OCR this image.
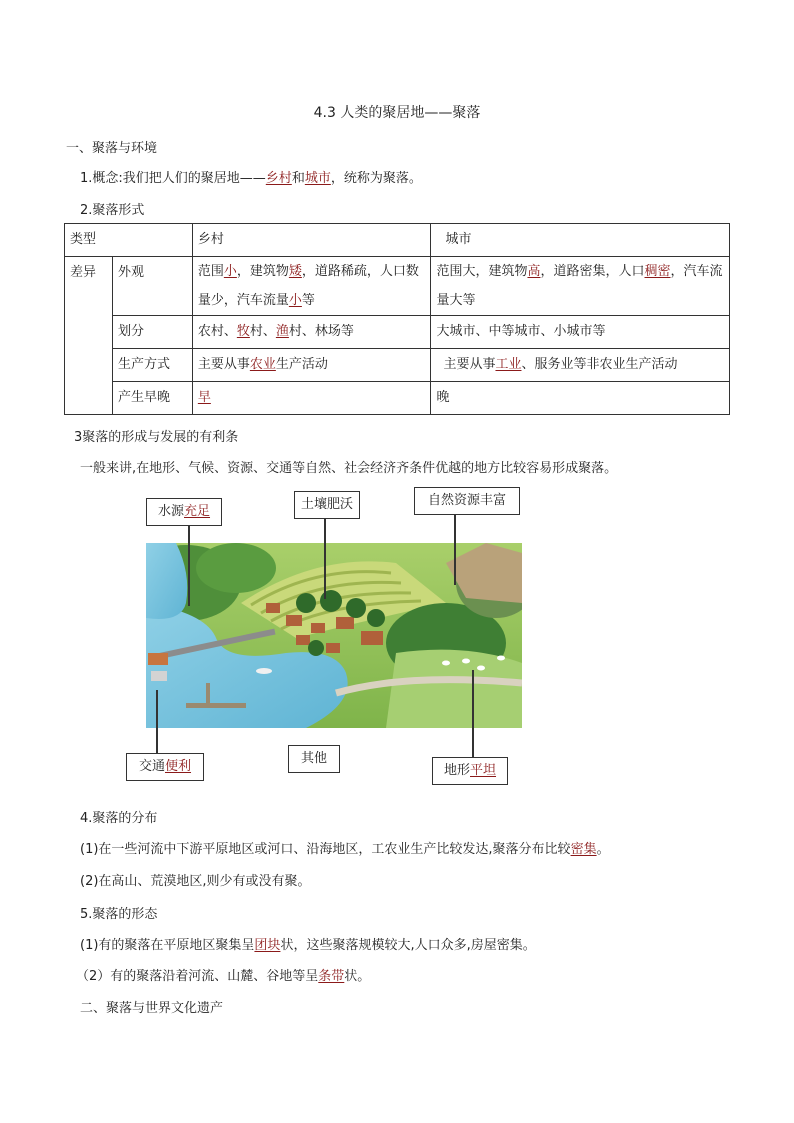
4.3 人类的聚居地——聚落
一、聚落与环境
1.概念:我们把人们的聚居地——乡村和城市，统称为聚落。
2.聚落形式
类型		乡村	城市
差异	外观	范围小，建筑物矮，道路稀疏，人口数量少，汽车流量小等	范围大，建筑物高，道路密集，人口稠密，汽车流量大等
	划分	农村、牧村、渔村、林场等	大城市、中等城市、小城市等
	生产方式	主要从事农业生产活动	主要从事工业、服务业等非农业生产活动
	产生早晚	早	晚
3聚落的形成与发展的有利条
一般来讲,在地形、气候、资源、交通等自然、社会经济齐条件优越的地方比较容易形成聚落。
水源充足	土壤肥沃	自然资源丰富
交通便利
其他
地形平坦
4.聚落的分布
(1)在一些河流中下游平原地区或河口、沿海地区，工农业生产比较发达,聚落分布比较密集。
(2)在高山、荒漠地区,则少有或没有聚。
5.聚落的形态
(1)有的聚落在平原地区聚集呈团块状，这些聚落规模较大,人口众多,房屋密集。
（2）有的聚落沿着河流、山麓、谷地等呈条带状。
二、聚落与世界文化遗产
